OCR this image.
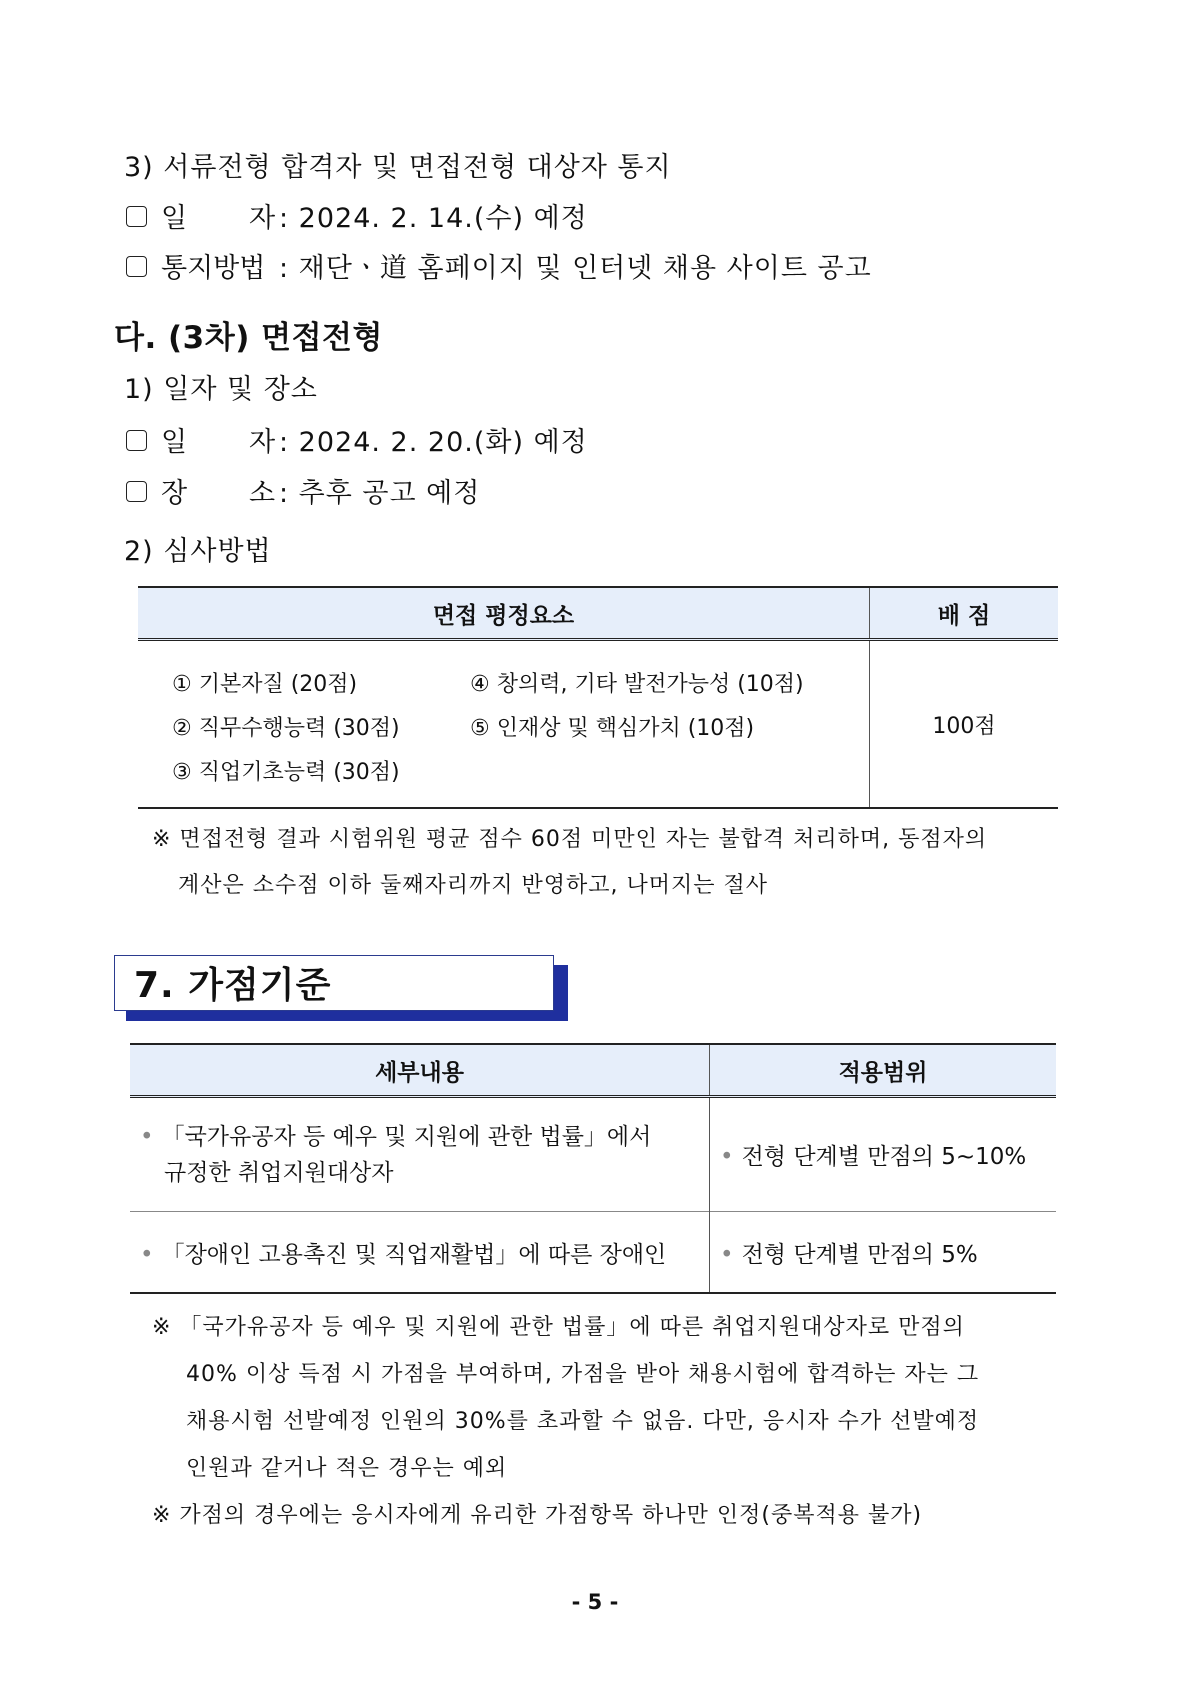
3) 서류전형 합격자 및 면접전형 대상자 통지
일 자 : 2024. 2. 14.(수) 예정
통지방법 : 재단ㆍ道 홈페이지 및 인터넷 채용 사이트 공고
다. (3차) 면접전형
1) 일자 및 장소
일 자 : 2024. 2. 20.(화) 예정
장 소 : 추후 공고 예정
2) 심사방법
면접 평정요소	배 점

① 기본자질 (20점)
② 직무수행능력 (30점)
③ 직업기초능력 (30점)
④ 창의력, 기타 발전가능성 (10점)
⑤ 인재상 및 핵심가치 (10점)	100점
※ 면접전형 결과 시험위원 평균 점수 60점 미만인 자는 불합격 처리하며, 동점자의
계산은 소수점 이하 둘째자리까지 반영하고, 나머지는 절사
7. 가점기준
세부내용	적용범위

• 「국가유공자 등 예우 및 지원에 관한 법률」에서
규정한 취업지원대상자	• 전형 단계별 만점의 5~10%
• 「장애인 고용촉진 및 직업재활법」에 따른 장애인	• 전형 단계별 만점의 5%
※ 「국가유공자 등 예우 및 지원에 관한 법률」에 따른 취업지원대상자로 만점의
40% 이상 득점 시 가점을 부여하며, 가점을 받아 채용시험에 합격하는 자는 그
채용시험 선발예정 인원의 30%를 초과할 수 없음. 다만, 응시자 수가 선발예정
인원과 같거나 적은 경우는 예외
※ 가점의 경우에는 응시자에게 유리한 가점항목 하나만 인정(중복적용 불가)
- 5 -
